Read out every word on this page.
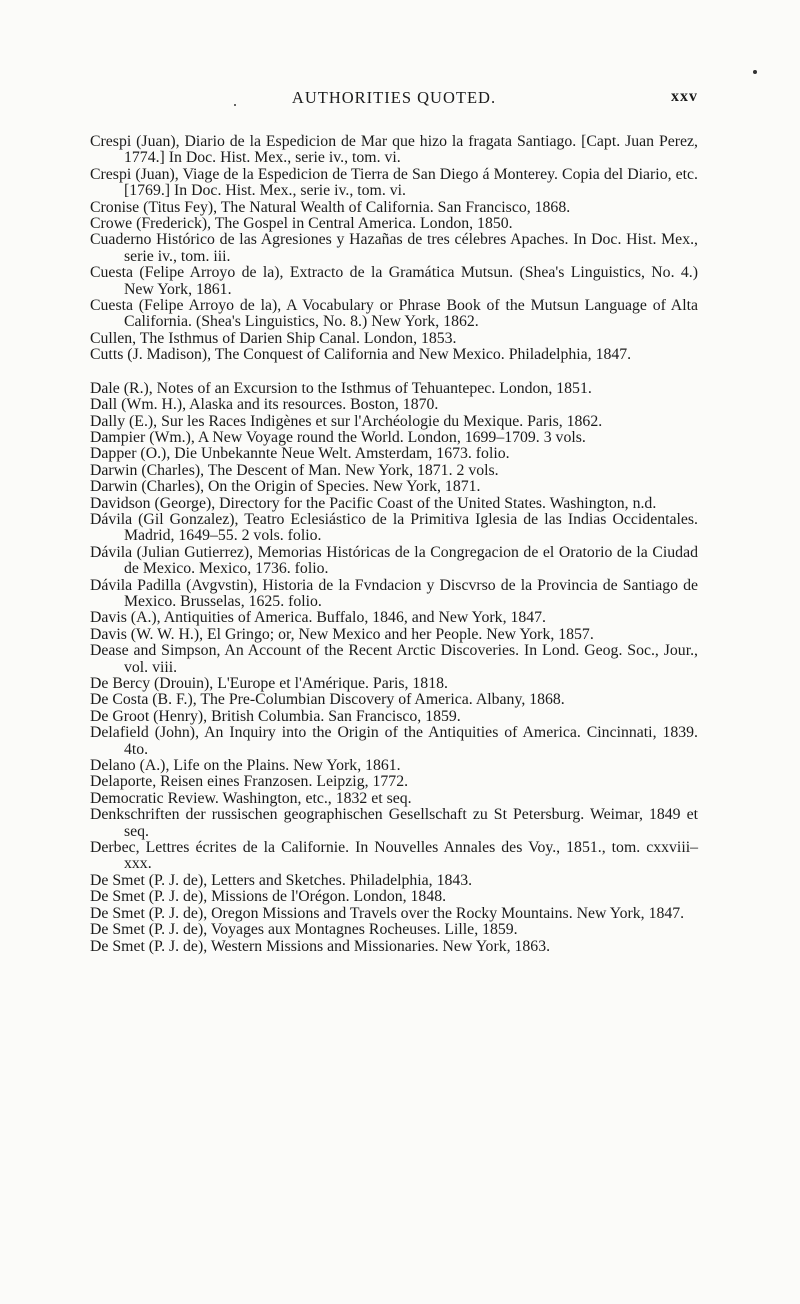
AUTHORITIES QUOTED.	xxv
Crespi (Juan), Diario de la Espedicion de Mar que hizo la fragata Santiago. [Capt. Juan Perez, 1774.] In Doc. Hist. Mex., serie iv., tom. vi.
Crespi (Juan), Viage de la Espedicion de Tierra de San Diego á Monterey. Copia del Diario, etc. [1769.] In Doc. Hist. Mex., serie iv., tom. vi.
Cronise (Titus Fey), The Natural Wealth of California. San Francisco, 1868.
Crowe (Frederick), The Gospel in Central America. London, 1850.
Cuaderno Histórico de las Agresiones y Hazañas de tres célebres Apaches. In Doc. Hist. Mex., serie iv., tom. iii.
Cuesta (Felipe Arroyo de la), Extracto de la Gramática Mutsun. (Shea's Linguistics, No. 4.) New York, 1861.
Cuesta (Felipe Arroyo de la), A Vocabulary or Phrase Book of the Mutsun Language of Alta California. (Shea's Linguistics, No. 8.) New York, 1862.
Cullen, The Isthmus of Darien Ship Canal. London, 1853.
Cutts (J. Madison), The Conquest of California and New Mexico. Philadelphia, 1847.
Dale (R.), Notes of an Excursion to the Isthmus of Tehuantepec. London, 1851.
Dall (Wm. H.), Alaska and its resources. Boston, 1870.
Dally (E.), Sur les Races Indigènes et sur l'Archéologie du Mexique. Paris, 1862.
Dampier (Wm.), A New Voyage round the World. London, 1699–1709. 3 vols.
Dapper (O.), Die Unbekannte Neue Welt. Amsterdam, 1673. folio.
Darwin (Charles), The Descent of Man. New York, 1871. 2 vols.
Darwin (Charles), On the Origin of Species. New York, 1871.
Davidson (George), Directory for the Pacific Coast of the United States. Washington, n.d.
Dávila (Gil Gonzalez), Teatro Eclesiástico de la Primitiva Iglesia de las Indias Occidentales. Madrid, 1649–55. 2 vols. folio.
Dávila (Julian Gutierrez), Memorias Históricas de la Congregacion de el Oratorio de la Ciudad de Mexico. Mexico, 1736. folio.
Dávila Padilla (Avgvstin), Historia de la Fvndacion y Discvrso de la Provincia de Santiago de Mexico. Brusselas, 1625. folio.
Davis (A.), Antiquities of America. Buffalo, 1846, and New York, 1847.
Davis (W. W. H.), El Gringo; or, New Mexico and her People. New York, 1857.
Dease and Simpson, An Account of the Recent Arctic Discoveries. In Lond. Geog. Soc., Jour., vol. viii.
De Bercy (Drouin), L'Europe et l'Amérique. Paris, 1818.
De Costa (B. F.), The Pre-Columbian Discovery of America. Albany, 1868.
De Groot (Henry), British Columbia. San Francisco, 1859.
Delafield (John), An Inquiry into the Origin of the Antiquities of America. Cincinnati, 1839. 4to.
Delano (A.), Life on the Plains. New York, 1861.
Delaporte, Reisen eines Franzosen. Leipzig, 1772.
Democratic Review. Washington, etc., 1832 et seq.
Denkschriften der russischen geographischen Gesellschaft zu St Petersburg. Weimar, 1849 et seq.
Derbec, Lettres écrites de la Californie. In Nouvelles Annales des Voy., 1851., tom. cxxviii–xxx.
De Smet (P. J. de), Letters and Sketches. Philadelphia, 1843.
De Smet (P. J. de), Missions de l'Orégon. London, 1848.
De Smet (P. J. de), Oregon Missions and Travels over the Rocky Mountains. New York, 1847.
De Smet (P. J. de), Voyages aux Montagnes Rocheuses. Lille, 1859.
De Smet (P. J. de), Western Missions and Missionaries. New York, 1863.
